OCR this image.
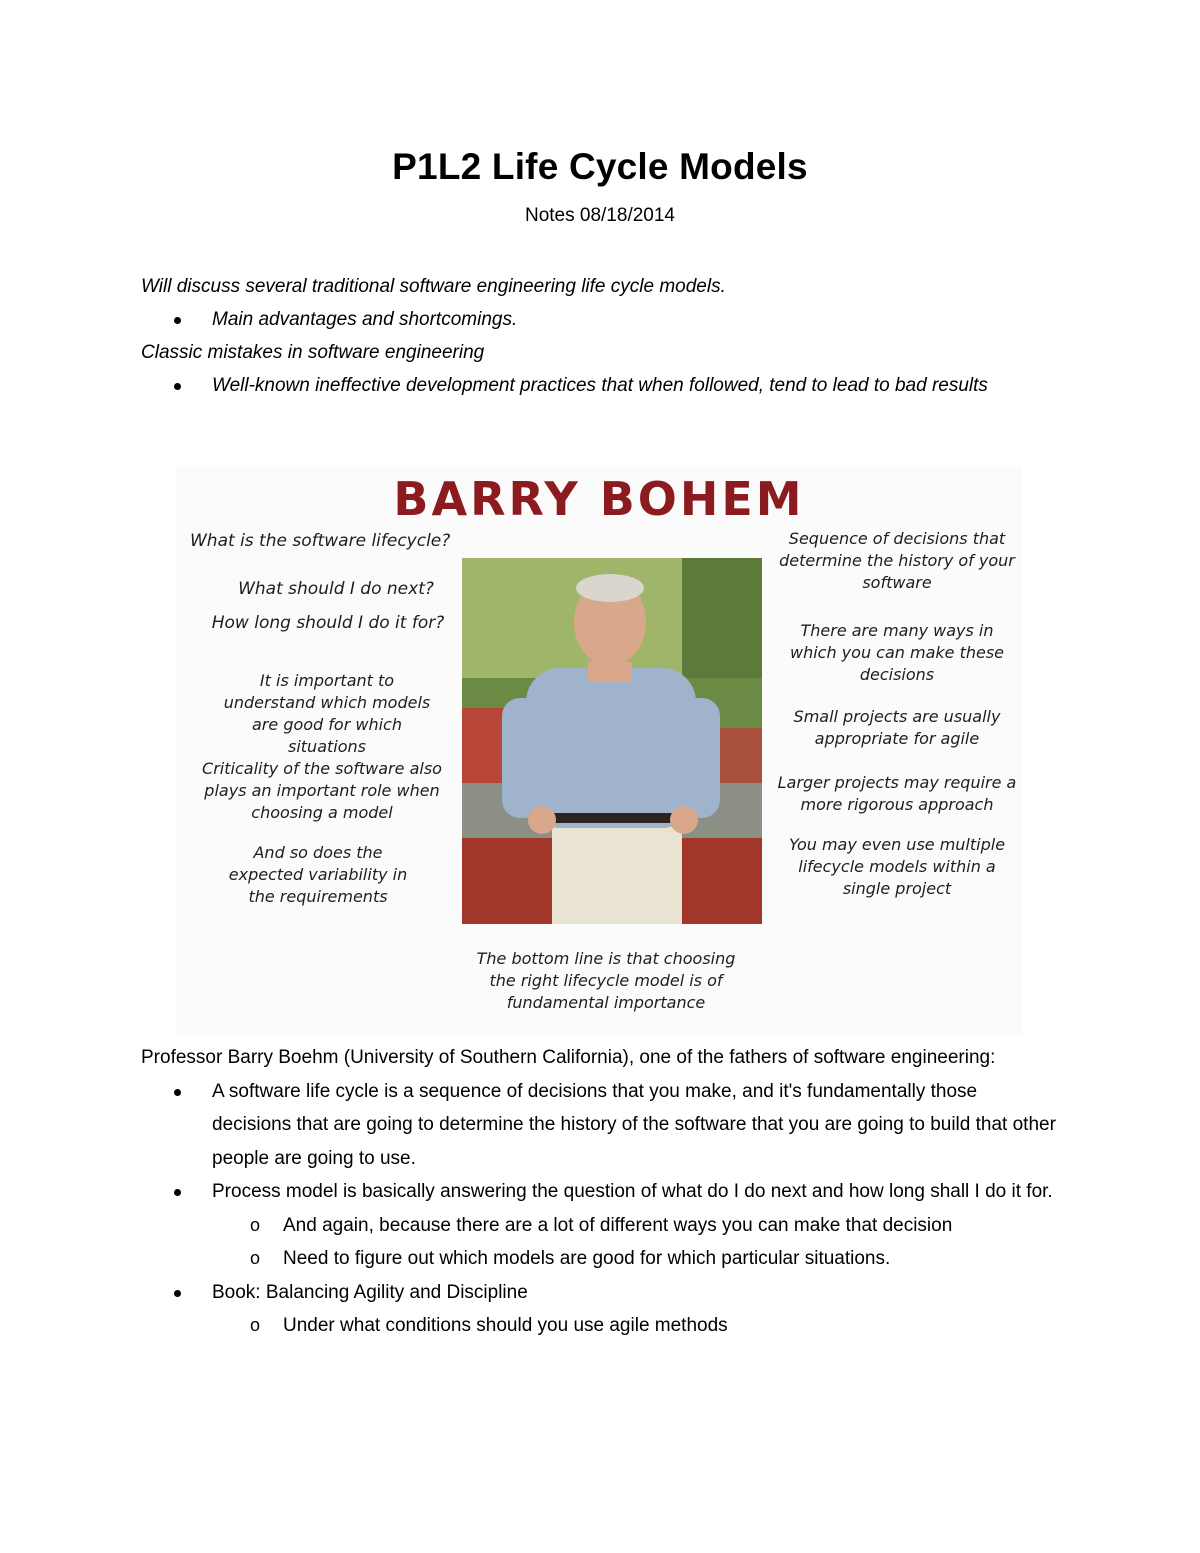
P1L2 Life Cycle Models
Notes 08/18/2014

Will discuss several traditional software engineering life cycle models.

Main advantages and shortcomings.

Classic mistakes in software engineering

Well-known ineffective development practices that when followed, tend to lead to bad results
BARRY BOHEM
What is the software lifecycle?
What should I do next?
How long should I do it for?
It is important to understand which models are good for which situations
Criticality of the software also plays an important role when choosing a model
And so does the expected variability in the requirements
Sequence of decisions that determine the history of your software
There are many ways in which you can make these decisions
Small projects are usually appropriate for agile
Larger projects may require a more rigorous approach
You may even use multiple lifecycle models within a single project
The bottom line is that choosing the right lifecycle model is of fundamental importance

Professor Barry Boehm (University of Southern California), one of the fathers of software engineering:

A software life cycle is a sequence of decisions that you make, and it's fundamentally those decisions that are going to determine the history of the software that you are going to build that other people are going to use.
Process model is basically answering the question of what do I do next and how long shall I do it for.
o And again, because there are a lot of different ways you can make that decision
o Need to figure out which models are good for which particular situations.
Book: Balancing Agility and Discipline
o Under what conditions should you use agile methods
